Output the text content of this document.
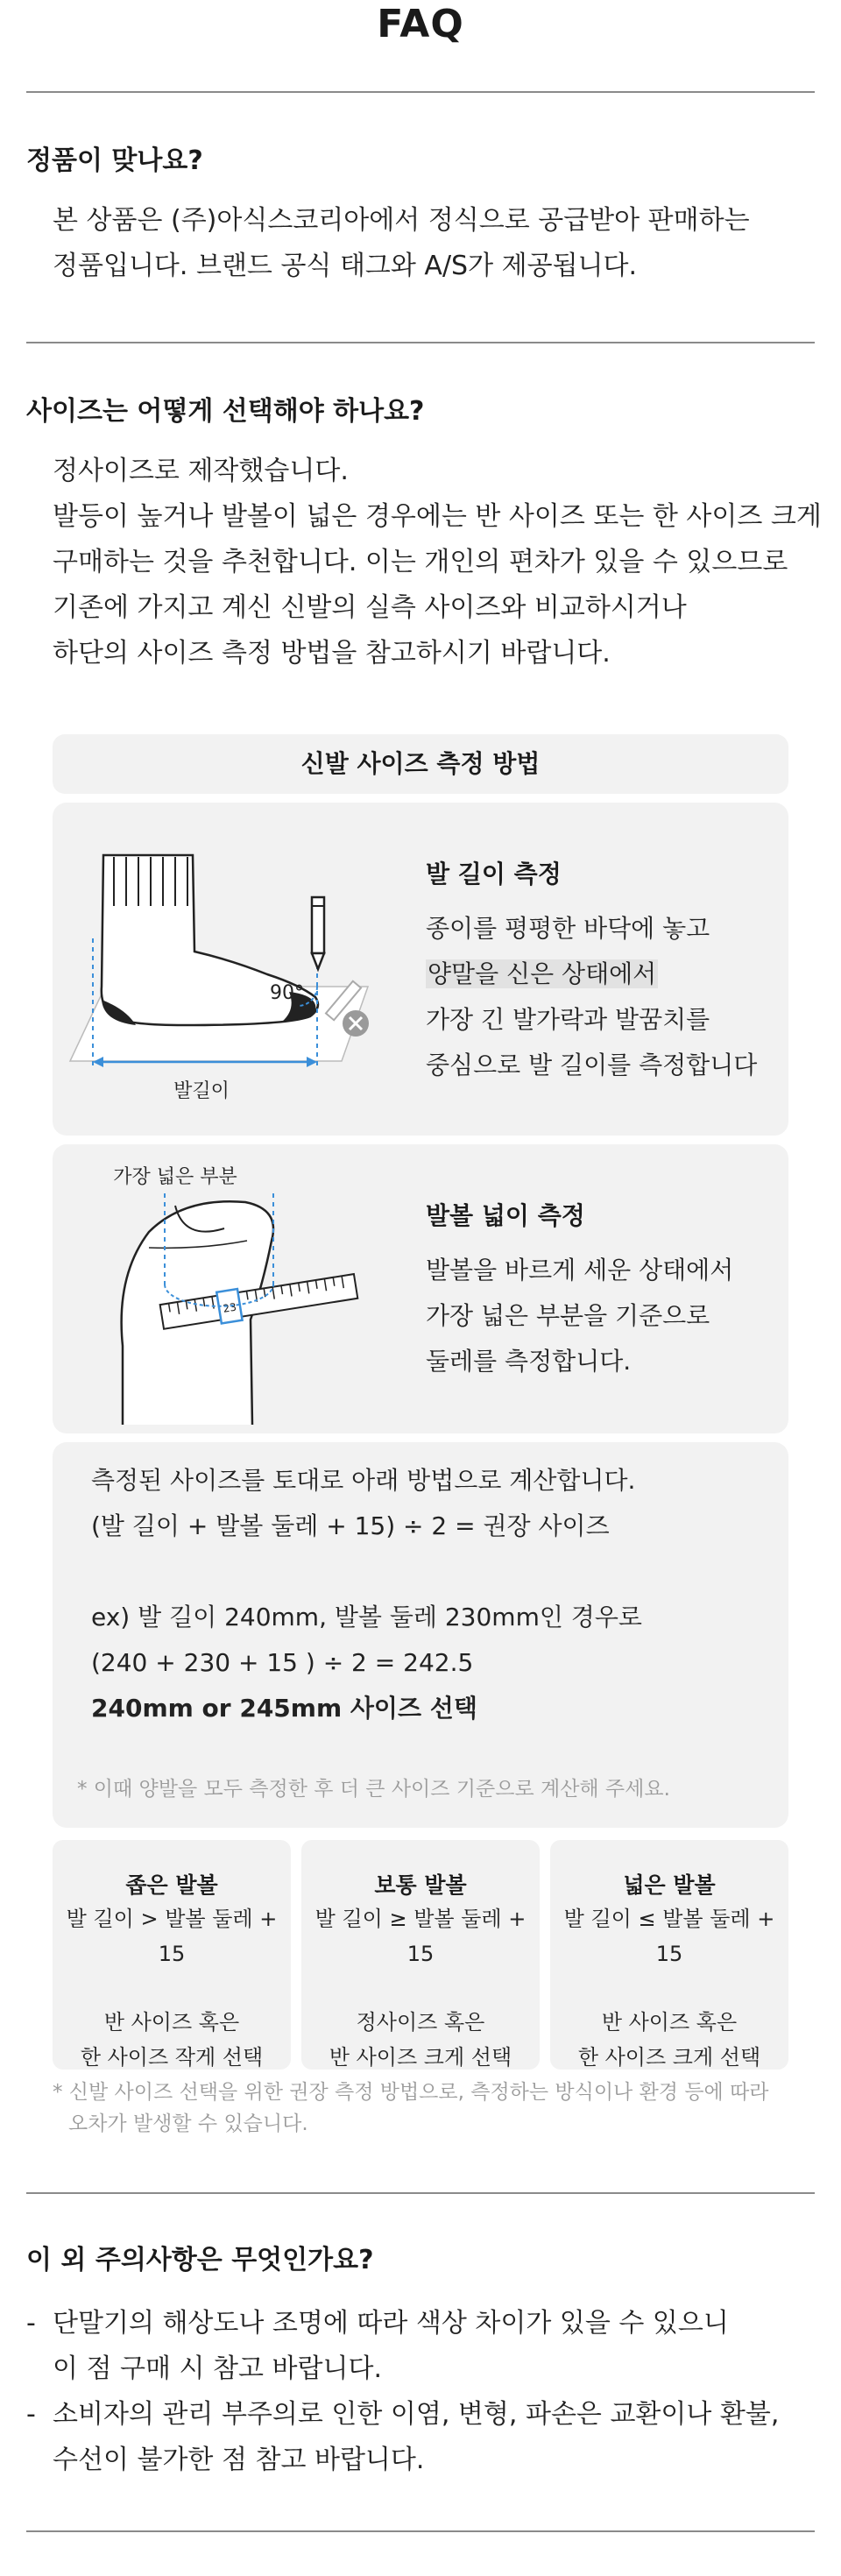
FAQ
정품이 맞나요?

본 상품은 (주)아식스코리아에서 정식으로 공급받아 판매하는

정품입니다. 브랜드 공식 태그와 A/S가 제공됩니다.

사이즈는 어떻게 선택해야 하나요?

정사이즈로 제작했습니다.

발등이 높거나 발볼이 넓은 경우에는 반 사이즈 또는 한 사이즈 크게

구매하는 것을 추천합니다. 이는 개인의 편차가 있을 수 있으므로

기존에 가지고 계신 신발의 실측 사이즈와 비교하시거나

하단의 사이즈 측정 방법을 참고하시기 바랍니다.

신발 사이즈 측정 방법
90°
발길이
발 길이 측정

종이를 평평한 바닥에 놓고

양말을 신은 상태에서

가장 긴 발가락과 발꿈치를

중심으로 발 길이를 측정합니다

가장 넓은 부분
23
발볼 넓이 측정

발볼을 바르게 세운 상태에서

가장 넓은 부분을 기준으로

둘레를 측정합니다.

측정된 사이즈를 토대로 아래 방법으로 계산합니다.

(발 길이 + 발볼 둘레 + 15) ÷ 2 = 권장 사이즈

ex) 발 길이 240mm, 발볼 둘레 230mm인 경우로

(240 + 230 + 15 ) ÷ 2 = 242.5

240mm or 245mm 사이즈 선택

* 이때 양발을 모두 측정한 후 더 큰 사이즈 기준으로 계산해 주세요.
좁은 발볼
발 길이 > 발볼 둘레 + 15
반 사이즈 혹은
한 사이즈 작게 선택
보통 발볼
발 길이 ≥ 발볼 둘레 + 15
정사이즈 혹은
반 사이즈 크게 선택
넓은 발볼
발 길이 ≤ 발볼 둘레 + 15
반 사이즈 혹은
한 사이즈 크게 선택

* 신발 사이즈 선택을 위한 권장 측정 방법으로, 측정하는 방식이나 환경 등에 따라

오차가 발생할 수 있습니다.

이 외 주의사항은 무엇인가요?
- 단말기의 해상도나 조명에 따라 색상 차이가 있을 수 있으니
이 점 구매 시 참고 바랍니다.
- 소비자의 관리 부주의로 인한 이염, 변형, 파손은 교환이나 환불,
수선이 불가한 점 참고 바랍니다.
